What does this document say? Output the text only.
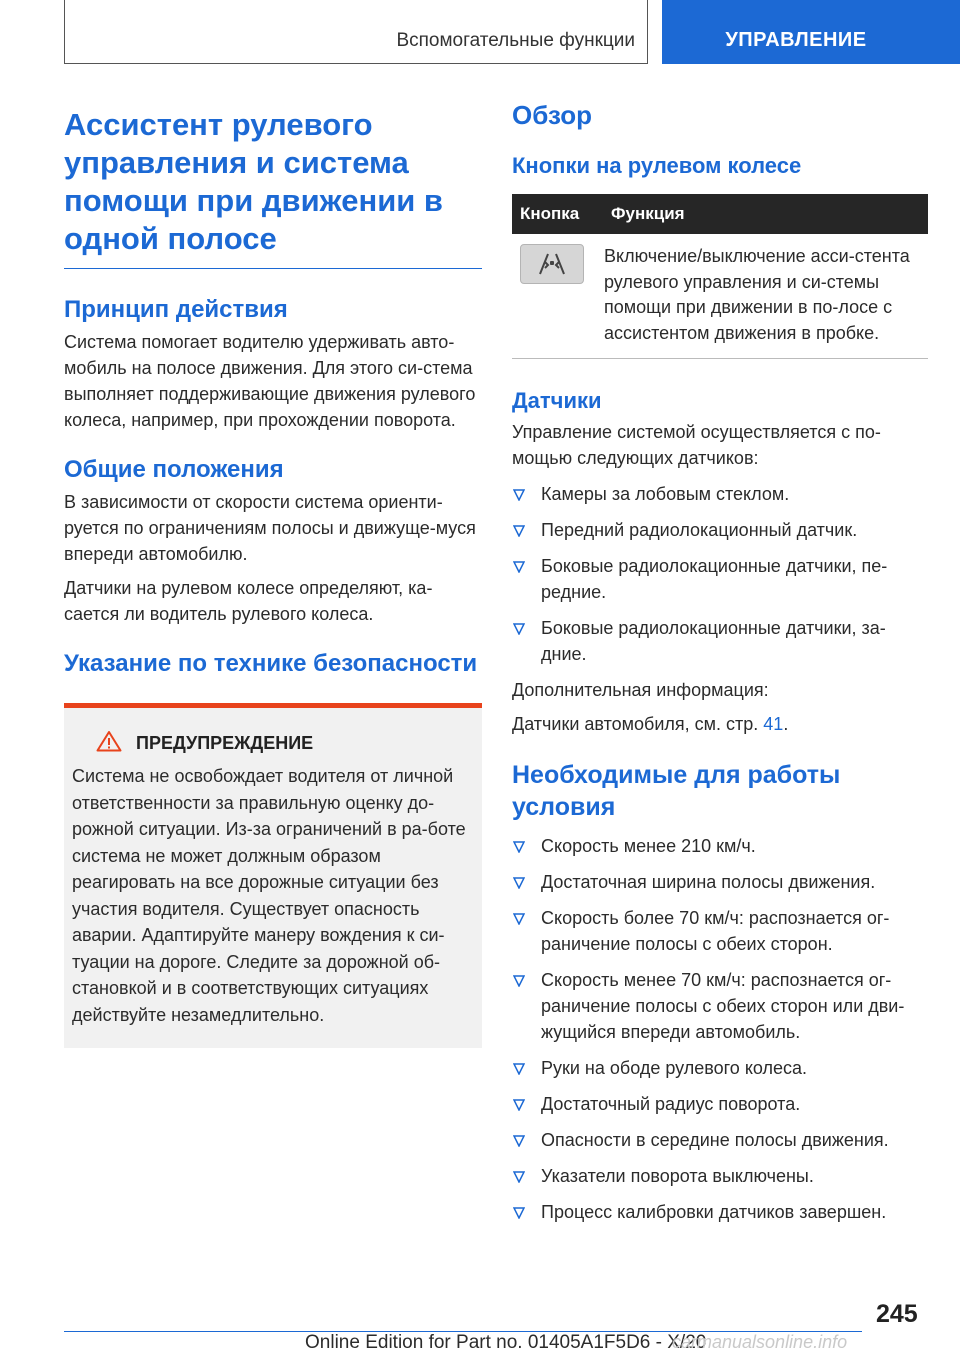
Вспомогательные функции	УПРАВЛЕНИЕ
Ассистент рулевого управления и система помощи при движении в одной полосе
Принцип действия

Система помогает водителю удерживать авто-мобиль на полосе движения. Для этого си-стема выполняет поддерживающие движения рулевого колеса, например, при прохождении поворота.

Общие положения

В зависимости от скорости система ориенти-руется по ограничениям полосы и движуще-муся впереди автомобилю.

Датчики на рулевом колесе определяют, ка-сается ли водитель рулевого колеса.

Указание по технике безопасности
ПРЕДУПРЕЖДЕНИЕ

Система не освобождает водителя от личной ответственности за правильную оценку до-рожной ситуации. Из-за ограничений в ра-боте система не может должным образом реагировать на все дорожные ситуации без участия водителя. Существует опасность аварии. Адаптируйте манеру вождения к си-туации на дороге. Следите за дорожной об-становкой и в соответствующих ситуациях действуйте незамедлительно.

Обзор
Кнопки на рулевом колесе
Кнопка	Функция

Включение/выключение асси-стента рулевого управления и си-стемы помощи при движении в по-лосе с ассистентом движения в пробке.

Датчики

Управление системой осуществляется с по-мощью следующих датчиков:

Камеры за лобовым стеклом.
Передний радиолокационный датчик.
Боковые радиолокационные датчики, пе-редние.
Боковые радиолокационные датчики, за-дние.

Дополнительная информация:

Датчики автомобиля, см. стр. 41.

Необходимые для работы условия
Скорость менее 210 км/ч.
Достаточная ширина полосы движения.
Скорость более 70 км/ч: распознается ог-раничение полосы с обеих сторон.
Скорость менее 70 км/ч: распознается ог-раничение полосы с обеих сторон или дви-жущийся впереди автомобиль.
Руки на ободе рулевого колеса.
Достаточный радиус поворота.
Опасности в середине полосы движения.
Указатели поворота выключены.
Процесс калибровки датчиков завершен.
245
Online Edition for Part no. 01405A1F5D6 - X/20
carmanualsonline.info
